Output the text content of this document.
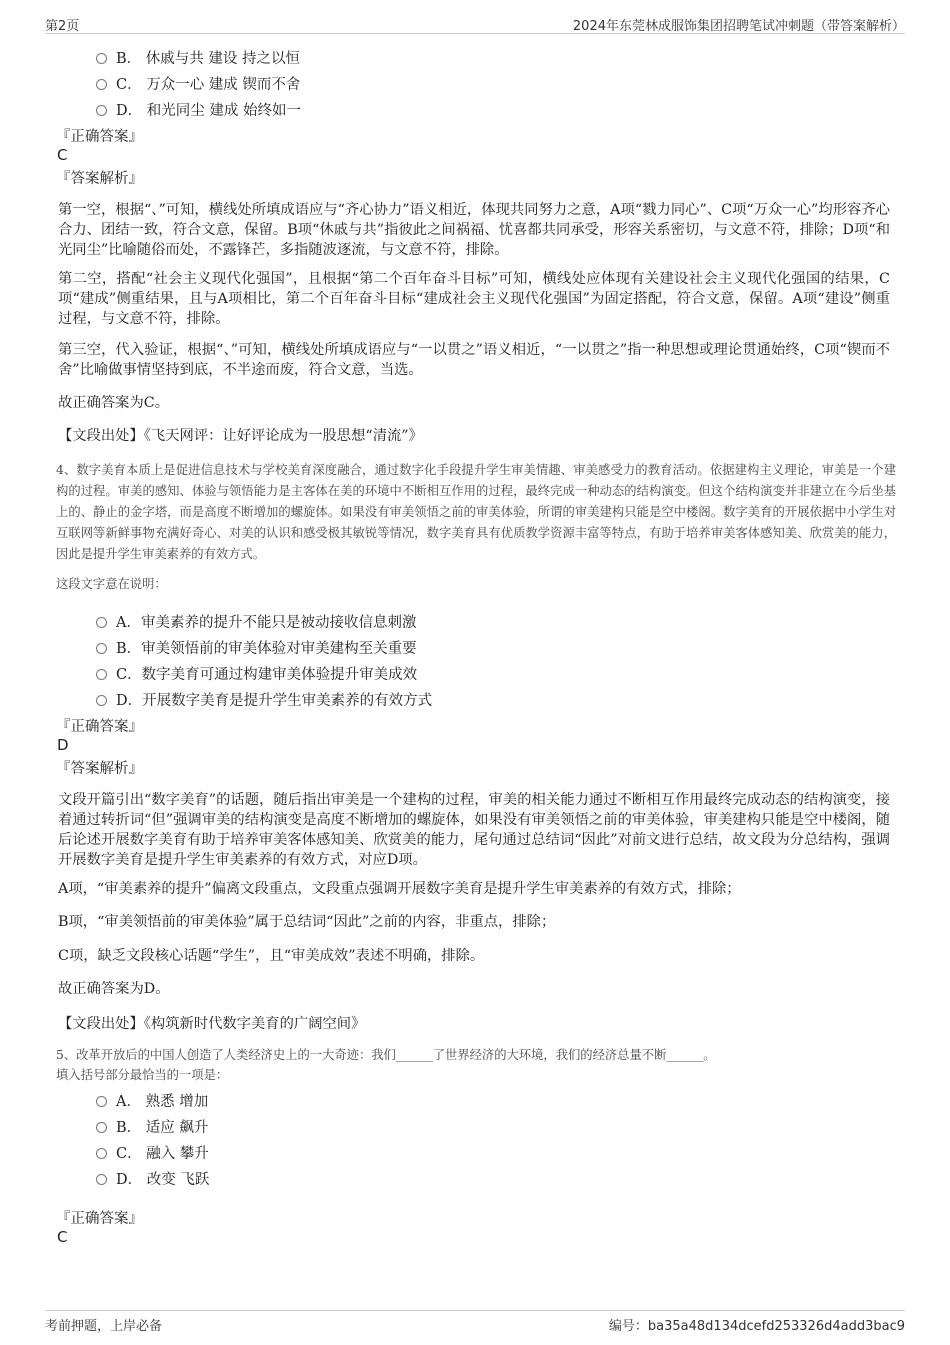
第2页	2024年东莞林成服饰集团招聘笔试冲刺题（带答案解析）
B． 休戚与共 建设 持之以恒
C． 万众一心 建成 锲而不舍
D． 和光同尘 建成 始终如一
『正确答案』
C
『答案解析』
第一空，根据“、”可知，横线处所填成语应与“齐心协力”语义相近，体现共同努力之意，A项“戮力同心”、C项“万众一心”均形容齐心合力、团结一致，符合文意，保留。B项“休戚与共”指彼此之间祸福、忧喜都共同承受，形容关系密切，与文意不符，排除；D项“和光同尘”比喻随俗而处，不露锋芒，多指随波逐流，与文意不符，排除。
第二空，搭配“社会主义现代化强国”，且根据“第二个百年奋斗目标”可知，横线处应体现有关建设社会主义现代化强国的结果，C项“建成”侧重结果，且与A项相比，第二个百年奋斗目标“建成社会主义现代化强国”为固定搭配，符合文意，保留。A项“建设”侧重过程，与文意不符，排除。
第三空，代入验证，根据“、”可知，横线处所填成语应与“一以贯之”语义相近，“一以贯之”指一种思想或理论贯通始终，C项“锲而不舍”比喻做事情坚持到底，不半途而废，符合文意，当选。
故正确答案为C。
【文段出处】《飞天网评：让好评论成为一股思想“清流”》
4、数字美育本质上是促进信息技术与学校美育深度融合，通过数字化手段提升学生审美情趣、审美感受力的教育活动。依据建构主义理论，审美是一个建构的过程。审美的感知、体验与领悟能力是主客体在美的环境中不断相互作用的过程，最终完成一种动态的结构演变。但这个结构演变并非建立在今后坐基上的、静止的金字塔，而是高度不断增加的螺旋体。如果没有审美领悟之前的审美体验，所谓的审美建构只能是空中楼阁。数字美育的开展依据中小学生对互联网等新鲜事物充满好奇心、对美的认识和感受极其敏锐等情况，数字美育具有优质教学资源丰富等特点，有助于培养审美客体感知美、欣赏美的能力，因此是提升学生审美素养的有效方式。
这段文字意在说明：
A．审美素养的提升不能只是被动接收信息刺激
B．审美领悟前的审美体验对审美建构至关重要
C．数字美育可通过构建审美体验提升审美成效
D．开展数字美育是提升学生审美素养的有效方式
『正确答案』
D
『答案解析』
文段开篇引出“数字美育”的话题，随后指出审美是一个建构的过程，审美的相关能力通过不断相互作用最终完成动态的结构演变，接着通过转折词“但”强调审美的结构演变是高度不断增加的螺旋体，如果没有审美领悟之前的审美体验，审美建构只能是空中楼阁，随后论述开展数字美育有助于培养审美客体感知美、欣赏美的能力，尾句通过总结词“因此”对前文进行总结，故文段为分总结构，强调开展数字美育是提升学生审美素养的有效方式，对应D项。
A项，“审美素养的提升”偏离文段重点，文段重点强调开展数字美育是提升学生审美素养的有效方式，排除；
B项，“审美领悟前的审美体验”属于总结词“因此”之前的内容，非重点，排除；
C项，缺乏文段核心话题“学生”，且“审美成效”表述不明确，排除。
故正确答案为D。
【文段出处】《构筑新时代数字美育的广阔空间》
5、改革开放后的中国人创造了人类经济史上的一大奇迹：我们______了世界经济的大环境，我们的经济总量不断______。
填入括号部分最恰当的一项是：
A． 熟悉 增加
B． 适应 飙升
C． 融入 攀升
D． 改变 飞跃
『正确答案』
C
考前押题，上岸必备	编号：ba35a48d134dcefd253326d4add3bac9
